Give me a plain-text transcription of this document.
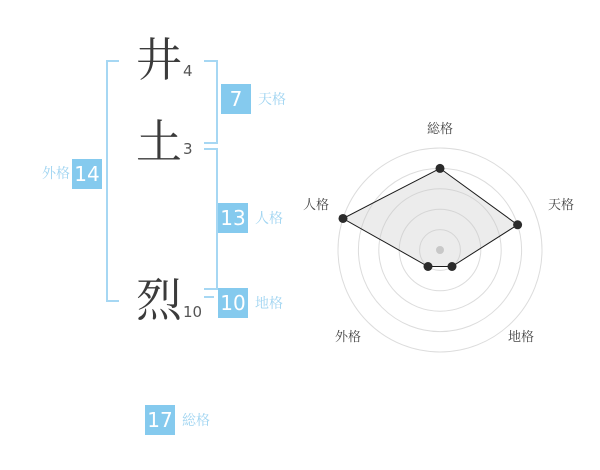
井 4
土 3
烈 10
外格 14
7	天格
13 人格
10 地格
17 総格
総格
天格
地格
外格
人格
